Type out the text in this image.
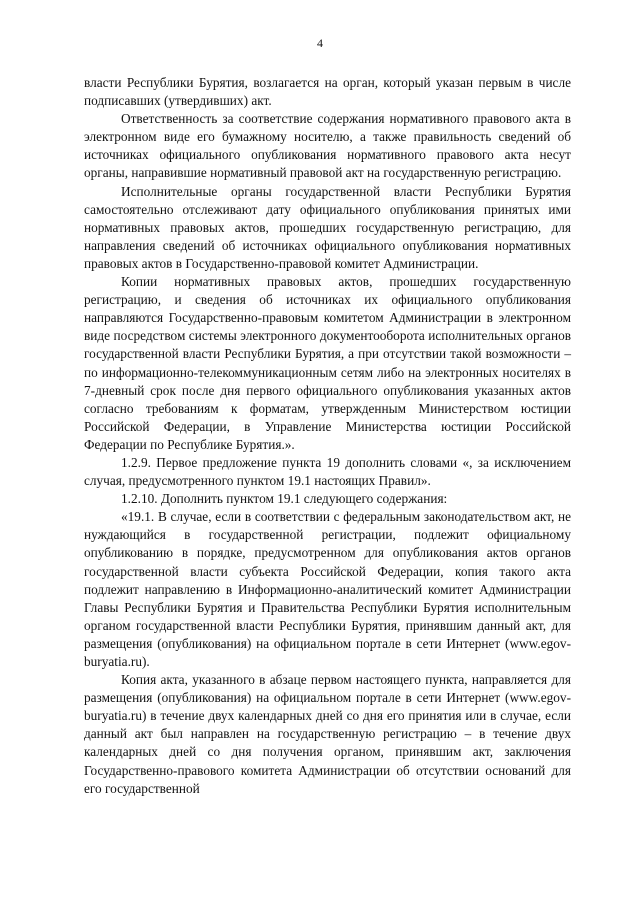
4

власти Республики Бурятия, возлагается на орган, который указан первым в числе подписавших (утвердивших) акт.

Ответственность за соответствие содержания нормативного правового акта в электронном виде его бумажному носителю, а также правильность сведений об источниках официального опубликования нормативного правового акта несут органы, направившие нормативный правовой акт на государственную регистрацию.

Исполнительные органы государственной власти Республики Бурятия самостоятельно отслеживают дату официального опубликования принятых ими нормативных правовых актов, прошедших государственную регистрацию, для направления сведений об источниках официального опубликования нормативных правовых актов в Государственно-правовой комитет Администрации.

Копии нормативных правовых актов, прошедших государственную регистрацию, и сведения об источниках их официального опубликования направляются Государственно-правовым комитетом Администрации в электронном виде посредством системы электронного документооборота исполнительных органов государственной власти Республики Бурятия, а при отсутствии такой возможности – по информационно-телекоммуникационным сетям либо на электронных носителях в 7-дневный срок после дня первого официального опубликования указанных актов согласно требованиям к форматам, утвержденным Министерством юстиции Российской Федерации, в Управление Министерства юстиции Российской Федерации по Республике Бурятия.».

1.2.9. Первое предложение пункта 19 дополнить словами «, за исключением случая, предусмотренного пунктом 19.1 настоящих Правил».

1.2.10. Дополнить пунктом 19.1 следующего содержания:

«19.1. В случае, если в соответствии с федеральным законодательством акт, не нуждающийся в государственной регистрации, подлежит официальному опубликованию в порядке, предусмотренном для опубликования актов органов государственной власти субъекта Российской Федерации, копия такого акта подлежит направлению в Информационно-аналитический комитет Администрации Главы Республики Бурятия и Правительства Республики Бурятия исполнительным органом государственной власти Республики Бурятия, принявшим данный акт, для размещения (опубликования) на официальном портале в сети Интернет (www.egov-buryatia.ru).

Копия акта, указанного в абзаце первом настоящего пункта, направляется для размещения (опубликования) на официальном портале в сети Интернет (www.egov-buryatia.ru) в течение двух календарных дней со дня его принятия или в случае, если данный акт был направлен на государственную регистрацию – в течение двух календарных дней со дня получения органом, принявшим акт, заключения Государственно-правового комитета Администрации об отсутствии оснований для его государственной
